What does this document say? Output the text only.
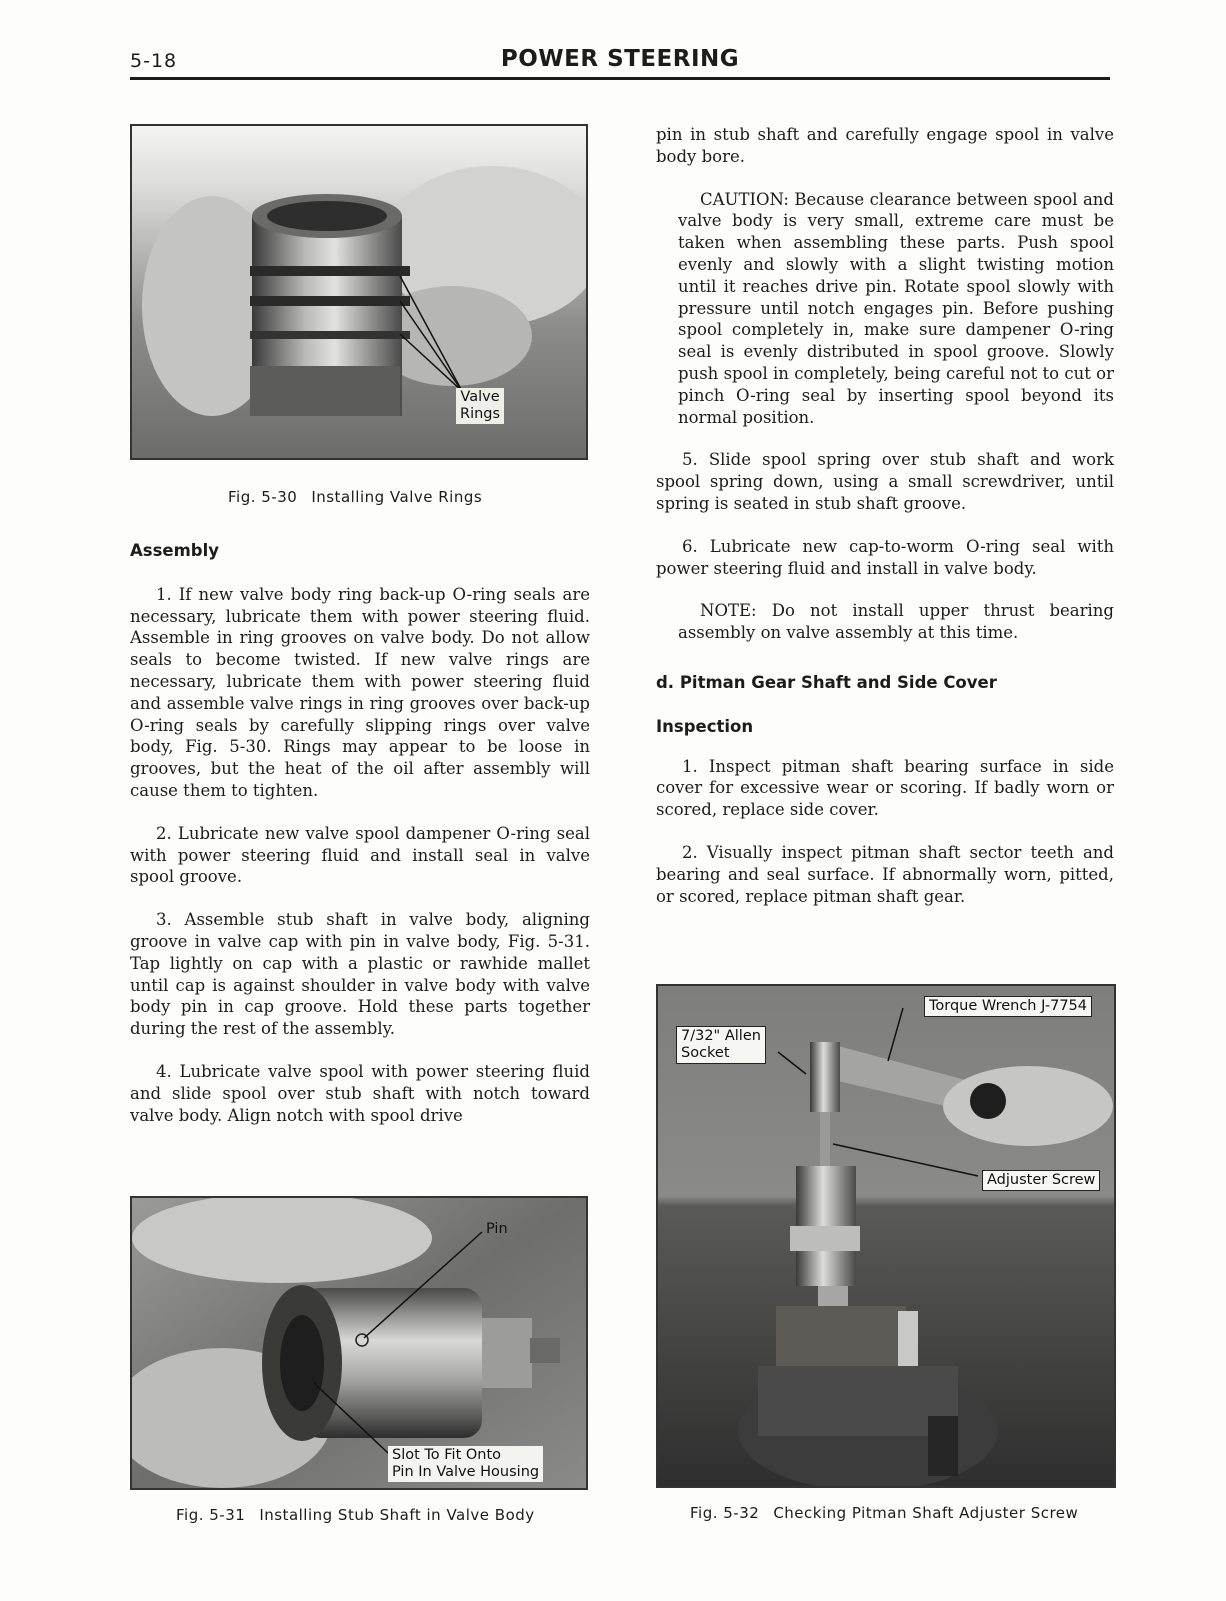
5-18	POWER STEERING
Valve
Rings
Fig. 5-30 Installing Valve Rings

Assembly

1. If new valve body ring back-up O-ring seals are necessary, lubricate them with power steering fluid. Assemble in ring grooves on valve body. Do not allow seals to become twisted. If new valve rings are necessary, lubricate them with power steering fluid and assemble valve rings in ring grooves over back-up O-ring seals by carefully slipping rings over valve body, Fig. 5-30. Rings may appear to be loose in grooves, but the heat of the oil after assembly will cause them to tighten.

2. Lubricate new valve spool dampener O-ring seal with power steering fluid and install seal in valve spool groove.

3. Assemble stub shaft in valve body, aligning groove in valve cap with pin in valve body, Fig. 5-31. Tap lightly on cap with a plastic or rawhide mallet until cap is against shoulder in valve body with valve body pin in cap groove. Hold these parts together during the rest of the assembly.

4. Lubricate valve spool with power steering fluid and slide spool over stub shaft with notch toward valve body. Align notch with spool drive

Pin
Slot To Fit Onto
Pin In Valve Housing
Fig. 5-31 Installing Stub Shaft in Valve Body

pin in stub shaft and carefully engage spool in valve body bore.

CAUTION: Because clearance between spool and valve body is very small, extreme care must be taken when assembling these parts. Push spool evenly and slowly with a slight twisting motion until it reaches drive pin. Rotate spool slowly with pressure until notch engages pin. Before pushing spool completely in, make sure dampener O-ring seal is evenly distributed in spool groove. Slowly push spool in completely, being careful not to cut or pinch O-ring seal by inserting spool beyond its normal position.

5. Slide spool spring over stub shaft and work spool spring down, using a small screwdriver, until spring is seated in stub shaft groove.

6. Lubricate new cap-to-worm O-ring seal with power steering fluid and install in valve body.

NOTE: Do not install upper thrust bearing assembly on valve assembly at this time.

d. Pitman Gear Shaft and Side Cover

Inspection

1. Inspect pitman shaft bearing surface in side cover for excessive wear or scoring. If badly worn or scored, replace side cover.

2. Visually inspect pitman shaft sector teeth and bearing and seal surface. If abnormally worn, pitted, or scored, replace pitman shaft gear.

Torque Wrench J-7754
7/32" Allen
Socket
Adjuster Screw
Fig. 5-32 Checking Pitman Shaft Adjuster Screw
